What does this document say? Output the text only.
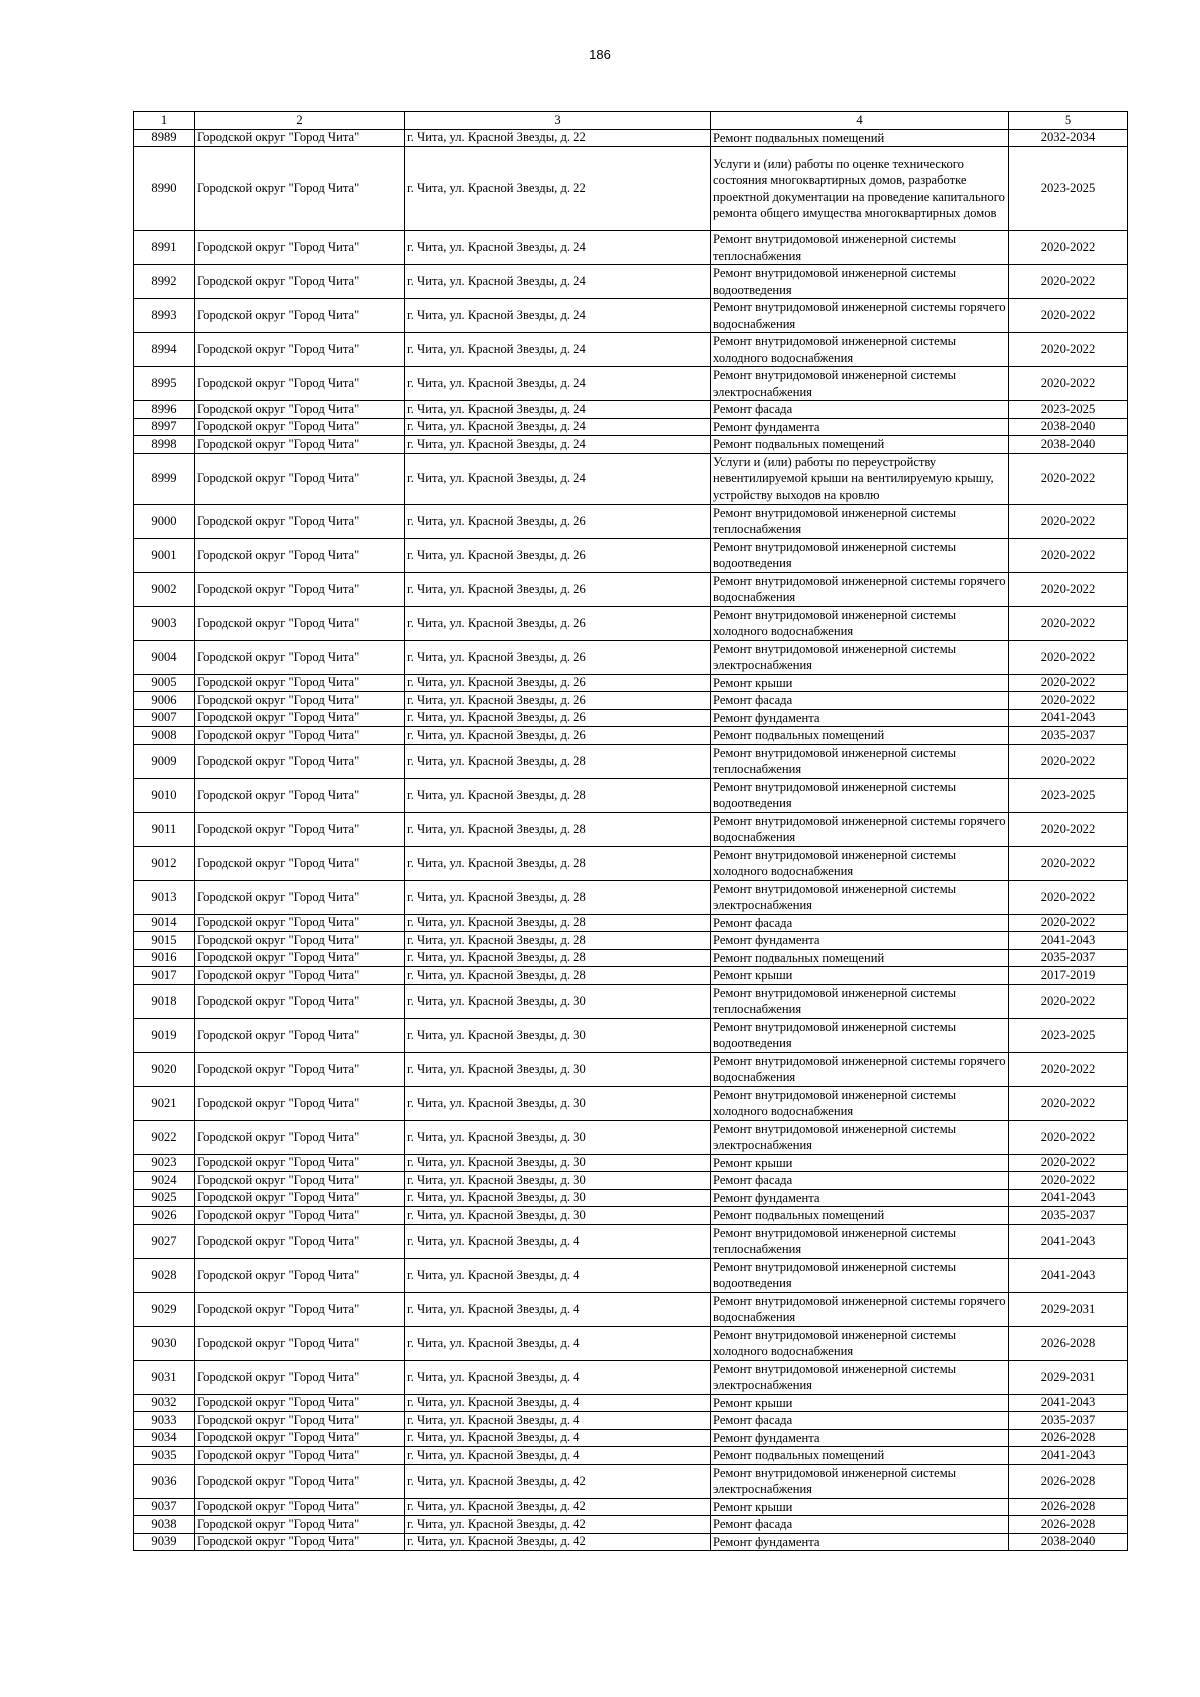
186
1	2	3	4	5
8989	Городской округ "Город Чита"	г. Чита, ул. Красной Звезды, д. 22	Ремонт подвальных помещений	2032-2034
8990	Городской округ "Город Чита"	г. Чита, ул. Красной Звезды, д. 22	Услуги и (или) работы по оценке технического состояния многоквартирных домов, разработке проектной документации на проведение капитального ремонта общего имущества многоквартирных домов	2023-2025
8991	Городской округ "Город Чита"	г. Чита, ул. Красной Звезды, д. 24	Ремонт внутридомовой инженерной системы теплоснабжения	2020-2022
8992	Городской округ "Город Чита"	г. Чита, ул. Красной Звезды, д. 24	Ремонт внутридомовой инженерной системы водоотведения	2020-2022
8993	Городской округ "Город Чита"	г. Чита, ул. Красной Звезды, д. 24	Ремонт внутридомовой инженерной системы горячего водоснабжения	2020-2022
8994	Городской округ "Город Чита"	г. Чита, ул. Красной Звезды, д. 24	Ремонт внутридомовой инженерной системы холодного водоснабжения	2020-2022
8995	Городской округ "Город Чита"	г. Чита, ул. Красной Звезды, д. 24	Ремонт внутридомовой инженерной системы электроснабжения	2020-2022
8996	Городской округ "Город Чита"	г. Чита, ул. Красной Звезды, д. 24	Ремонт фасада	2023-2025
8997	Городской округ "Город Чита"	г. Чита, ул. Красной Звезды, д. 24	Ремонт фундамента	2038-2040
8998	Городской округ "Город Чита"	г. Чита, ул. Красной Звезды, д. 24	Ремонт подвальных помещений	2038-2040
8999	Городской округ "Город Чита"	г. Чита, ул. Красной Звезды, д. 24	Услуги и (или) работы по переустройству невентилируемой крыши на вентилируемую крышу, устройству выходов на кровлю	2020-2022
9000	Городской округ "Город Чита"	г. Чита, ул. Красной Звезды, д. 26	Ремонт внутридомовой инженерной системы теплоснабжения	2020-2022
9001	Городской округ "Город Чита"	г. Чита, ул. Красной Звезды, д. 26	Ремонт внутридомовой инженерной системы водоотведения	2020-2022
9002	Городской округ "Город Чита"	г. Чита, ул. Красной Звезды, д. 26	Ремонт внутридомовой инженерной системы горячего водоснабжения	2020-2022
9003	Городской округ "Город Чита"	г. Чита, ул. Красной Звезды, д. 26	Ремонт внутридомовой инженерной системы холодного водоснабжения	2020-2022
9004	Городской округ "Город Чита"	г. Чита, ул. Красной Звезды, д. 26	Ремонт внутридомовой инженерной системы электроснабжения	2020-2022
9005	Городской округ "Город Чита"	г. Чита, ул. Красной Звезды, д. 26	Ремонт крыши	2020-2022
9006	Городской округ "Город Чита"	г. Чита, ул. Красной Звезды, д. 26	Ремонт фасада	2020-2022
9007	Городской округ "Город Чита"	г. Чита, ул. Красной Звезды, д. 26	Ремонт фундамента	2041-2043
9008	Городской округ "Город Чита"	г. Чита, ул. Красной Звезды, д. 26	Ремонт подвальных помещений	2035-2037
9009	Городской округ "Город Чита"	г. Чита, ул. Красной Звезды, д. 28	Ремонт внутридомовой инженерной системы теплоснабжения	2020-2022
9010	Городской округ "Город Чита"	г. Чита, ул. Красной Звезды, д. 28	Ремонт внутридомовой инженерной системы водоотведения	2023-2025
9011	Городской округ "Город Чита"	г. Чита, ул. Красной Звезды, д. 28	Ремонт внутридомовой инженерной системы горячего водоснабжения	2020-2022
9012	Городской округ "Город Чита"	г. Чита, ул. Красной Звезды, д. 28	Ремонт внутридомовой инженерной системы холодного водоснабжения	2020-2022
9013	Городской округ "Город Чита"	г. Чита, ул. Красной Звезды, д. 28	Ремонт внутридомовой инженерной системы электроснабжения	2020-2022
9014	Городской округ "Город Чита"	г. Чита, ул. Красной Звезды, д. 28	Ремонт фасада	2020-2022
9015	Городской округ "Город Чита"	г. Чита, ул. Красной Звезды, д. 28	Ремонт фундамента	2041-2043
9016	Городской округ "Город Чита"	г. Чита, ул. Красной Звезды, д. 28	Ремонт подвальных помещений	2035-2037
9017	Городской округ "Город Чита"	г. Чита, ул. Красной Звезды, д. 28	Ремонт крыши	2017-2019
9018	Городской округ "Город Чита"	г. Чита, ул. Красной Звезды, д. 30	Ремонт внутридомовой инженерной системы теплоснабжения	2020-2022
9019	Городской округ "Город Чита"	г. Чита, ул. Красной Звезды, д. 30	Ремонт внутридомовой инженерной системы водоотведения	2023-2025
9020	Городской округ "Город Чита"	г. Чита, ул. Красной Звезды, д. 30	Ремонт внутридомовой инженерной системы горячего водоснабжения	2020-2022
9021	Городской округ "Город Чита"	г. Чита, ул. Красной Звезды, д. 30	Ремонт внутридомовой инженерной системы холодного водоснабжения	2020-2022
9022	Городской округ "Город Чита"	г. Чита, ул. Красной Звезды, д. 30	Ремонт внутридомовой инженерной системы электроснабжения	2020-2022
9023	Городской округ "Город Чита"	г. Чита, ул. Красной Звезды, д. 30	Ремонт крыши	2020-2022
9024	Городской округ "Город Чита"	г. Чита, ул. Красной Звезды, д. 30	Ремонт фасада	2020-2022
9025	Городской округ "Город Чита"	г. Чита, ул. Красной Звезды, д. 30	Ремонт фундамента	2041-2043
9026	Городской округ "Город Чита"	г. Чита, ул. Красной Звезды, д. 30	Ремонт подвальных помещений	2035-2037
9027	Городской округ "Город Чита"	г. Чита, ул. Красной Звезды, д. 4	Ремонт внутридомовой инженерной системы теплоснабжения	2041-2043
9028	Городской округ "Город Чита"	г. Чита, ул. Красной Звезды, д. 4	Ремонт внутридомовой инженерной системы водоотведения	2041-2043
9029	Городской округ "Город Чита"	г. Чита, ул. Красной Звезды, д. 4	Ремонт внутридомовой инженерной системы горячего водоснабжения	2029-2031
9030	Городской округ "Город Чита"	г. Чита, ул. Красной Звезды, д. 4	Ремонт внутридомовой инженерной системы холодного водоснабжения	2026-2028
9031	Городской округ "Город Чита"	г. Чита, ул. Красной Звезды, д. 4	Ремонт внутридомовой инженерной системы электроснабжения	2029-2031
9032	Городской округ "Город Чита"	г. Чита, ул. Красной Звезды, д. 4	Ремонт крыши	2041-2043
9033	Городской округ "Город Чита"	г. Чита, ул. Красной Звезды, д. 4	Ремонт фасада	2035-2037
9034	Городской округ "Город Чита"	г. Чита, ул. Красной Звезды, д. 4	Ремонт фундамента	2026-2028
9035	Городской округ "Город Чита"	г. Чита, ул. Красной Звезды, д. 4	Ремонт подвальных помещений	2041-2043
9036	Городской округ "Город Чита"	г. Чита, ул. Красной Звезды, д. 42	Ремонт внутридомовой инженерной системы электроснабжения	2026-2028
9037	Городской округ "Город Чита"	г. Чита, ул. Красной Звезды, д. 42	Ремонт крыши	2026-2028
9038	Городской округ "Город Чита"	г. Чита, ул. Красной Звезды, д. 42	Ремонт фасада	2026-2028
9039	Городской округ "Город Чита"	г. Чита, ул. Красной Звезды, д. 42	Ремонт фундамента	2038-2040
